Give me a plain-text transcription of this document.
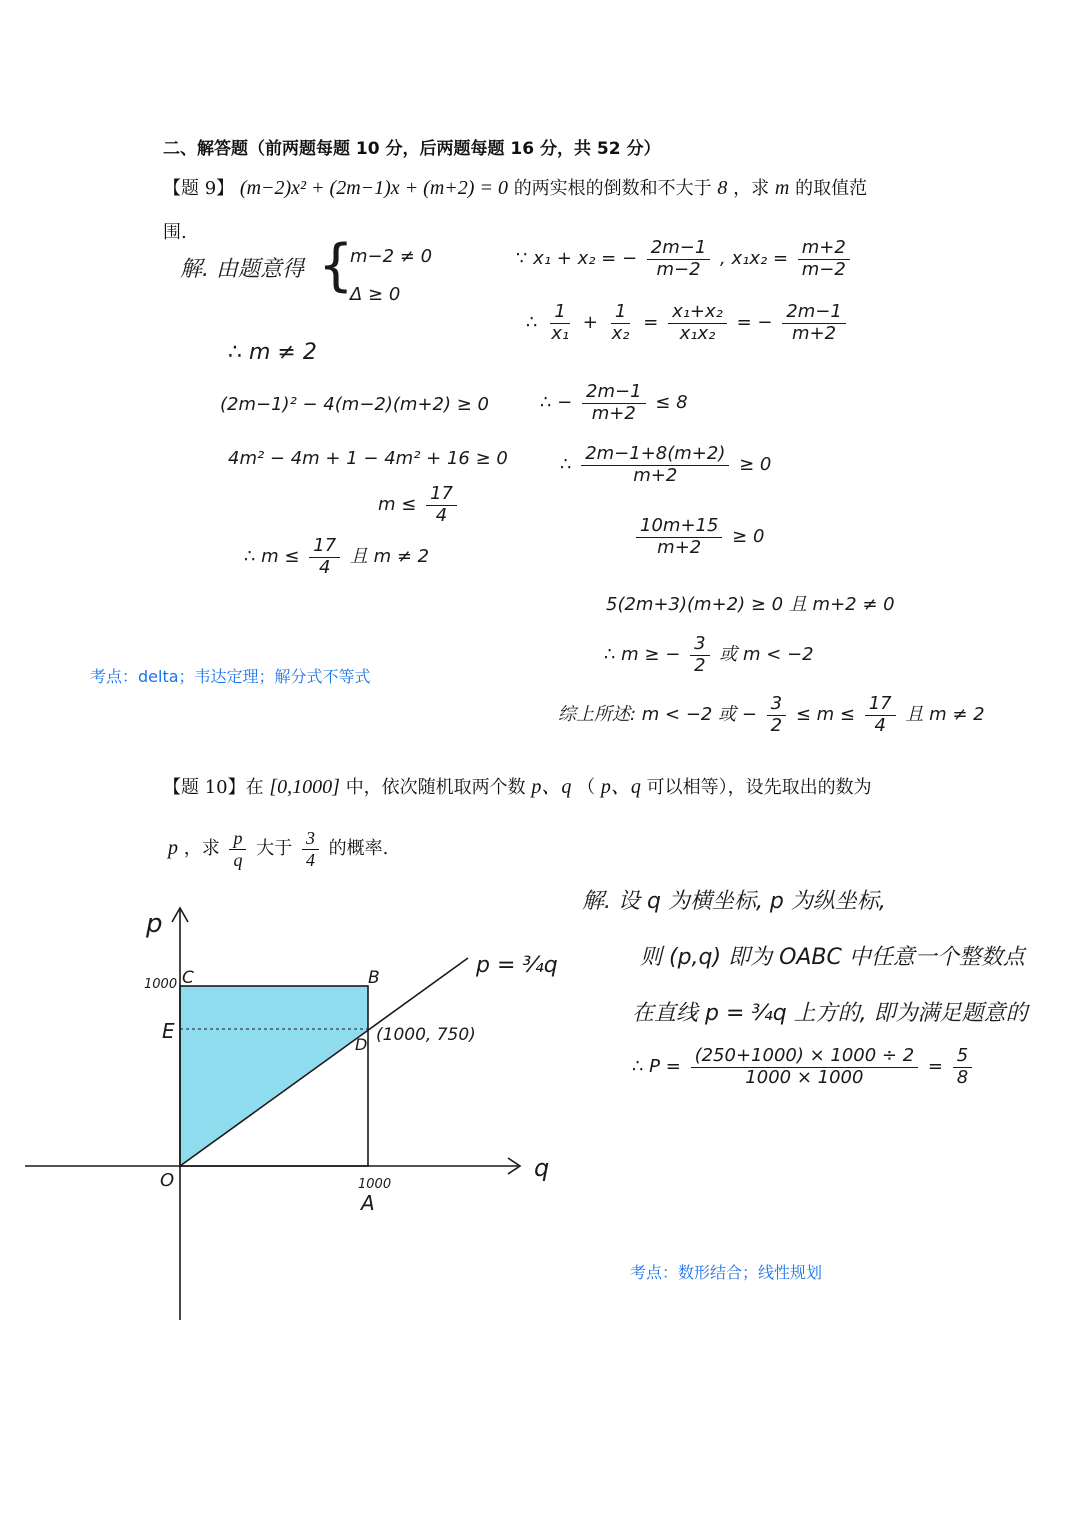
二、解答题（前两题每题 10 分，后两题每题 16 分，共 52 分）
【题 9】 (m−2)x² + (2m−1)x + (m+2) = 0 的两实根的倒数和不大于 8 ，求 m 的取值范
围.
解. 由题意得 {
m−2 ≠ 0
Δ ≥ 0
∴ m ≠ 2
(2m−1)² − 4(m−2)(m+2) ≥ 0
4m² − 4m + 1 − 4m² + 16 ≥ 0
$m \le \frac{17}{4}$
∴ $m \le \frac{17}{4}$ 且 m ≠ 2
∵ x₁ + x₂ = − $\frac{2m-1}{m-2}$ , $x_1x_2 = \frac{m+2}{m-2}$
∴ $\frac{1}{\text{x₁}} + \frac{1}{\text{x₂}} = \frac{\text{x₁+x₂}}{\text{x₁x₂}}$ = − $\frac{2m-1}{m+2}$
∴ − $\frac{2m-1}{m+2} \le 8$
∴ $\frac{2m-1+8(m+2)}{m+2} \ge 0$
$\frac{10m+15}{m+2} \ge 0$
5(2m+3)(m+2) ≥ 0 且 m+2 ≠ 0
∴ m ≥ − $\frac{3}{2}$ 或 m < −2
综上所述: m < −2 或 − $\frac{3}{2} \le m \le \frac{17}{4}$ 且 m ≠ 2
考点：delta；韦达定理；解分式不等式
【题 10】在 [0,1000] 中，依次随机取两个数 p、q （ p、q 可以相等），设先取出的数为
p ，求 $\frac{p}{q}$ 大于 $\frac{3}{4}$ 的概率.
p
q
O
A
B
C
D
E
1000
1000
(1000, 750)
p = ¾q
解. 设 q 为横坐标, p 为纵坐标,
则 (p,q) 即为 OABC 中任意一个整数点
在直线 p = ¾q 上方的, 即为满足题意的
∴ $P = \frac{(250+1000) \times 1000 \div 2}{1000 \times 1000} = \frac{5}{8}$
考点：数形结合；线性规划
